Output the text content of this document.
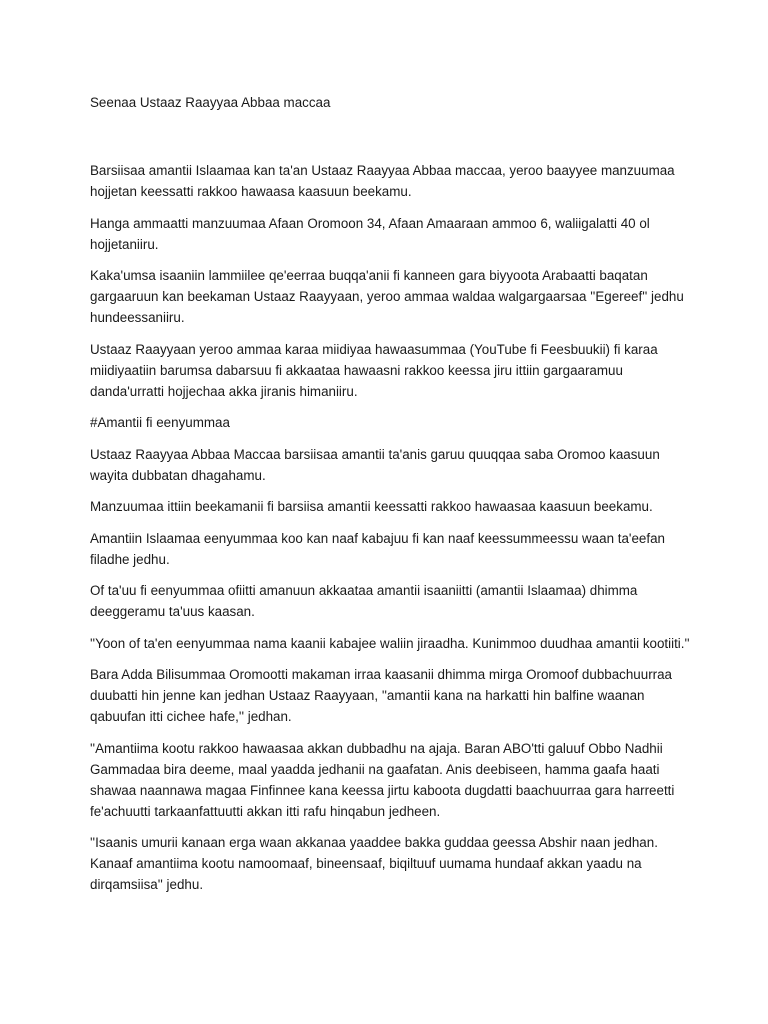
Seenaa Ustaaz Raayyaa Abbaa maccaa

Barsiisaa amantii Islaamaa kan ta'an Ustaaz Raayyaa Abbaa maccaa, yeroo baayyee manzuumaa hojjetan keessatti rakkoo hawaasa kaasuun beekamu.

Hanga ammaatti manzuumaa Afaan Oromoon 34, Afaan Amaaraan ammoo 6, waliigalatti 40 ol hojjetaniiru.

Kaka'umsa isaaniin lammiilee qe'eerraa buqqa'anii fi kanneen gara biyyoota Arabaatti baqatan gargaaruun kan beekaman Ustaaz Raayyaan, yeroo ammaa waldaa walgargaarsaa ''Egereef'' jedhu hundeessaniiru.

Ustaaz Raayyaan yeroo ammaa karaa miidiyaa hawaasummaa (YouTube fi Feesbuukii) fi karaa miidiyaatiin barumsa dabarsuu fi akkaataa hawaasni rakkoo keessa jiru ittiin gargaaramuu danda'urratti hojjechaa akka jiranis himaniiru.

#Amantii fi eenyummaa

Ustaaz Raayyaa Abbaa Maccaa barsiisaa amantii ta'anis garuu quuqqaa saba Oromoo kaasuun wayita dubbatan dhagahamu.

Manzuumaa ittiin beekamanii fi barsiisa amantii keessatti rakkoo hawaasaa kaasuun beekamu.

Amantiin Islaamaa eenyummaa koo kan naaf kabajuu fi kan naaf keessummeessu waan ta'eefan filadhe jedhu.

Of ta'uu fi eenyummaa ofiitti amanuun akkaataa amantii isaaniitti (amantii Islaamaa) dhimma deeggeramu ta'uus kaasan.

''Yoon of ta'en eenyummaa nama kaanii kabajee waliin jiraadha. Kunimmoo duudhaa amantii kootiiti.''

Bara Adda Bilisummaa Oromootti makaman irraa kaasanii dhimma mirga Oromoof dubbachuurraa duubatti hin jenne kan jedhan Ustaaz Raayyaan, ''amantii kana na harkatti hin balfine waanan qabuufan itti cichee hafe,'' jedhan.

''Amantiima kootu rakkoo hawaasaa akkan dubbadhu na ajaja. Baran ABO'tti galuuf Obbo Nadhii Gammadaa bira deeme, maal yaadda jedhanii na gaafatan. Anis deebiseen, hamma gaafa haati shawaa naannawa magaa Finfinnee kana keessa jirtu kaboota dugdatti baachuurraa gara harreetti fe'achuutti tarkaanfattuutti akkan itti rafu hinqabun jedheen.

''Isaanis umurii kanaan erga waan akkanaa yaaddee bakka guddaa geessa Abshir naan jedhan. Kanaaf amantiima kootu namoomaaf, bineensaaf, biqiltuuf uumama hundaaf akkan yaadu na dirqamsiisa'' jedhu.
